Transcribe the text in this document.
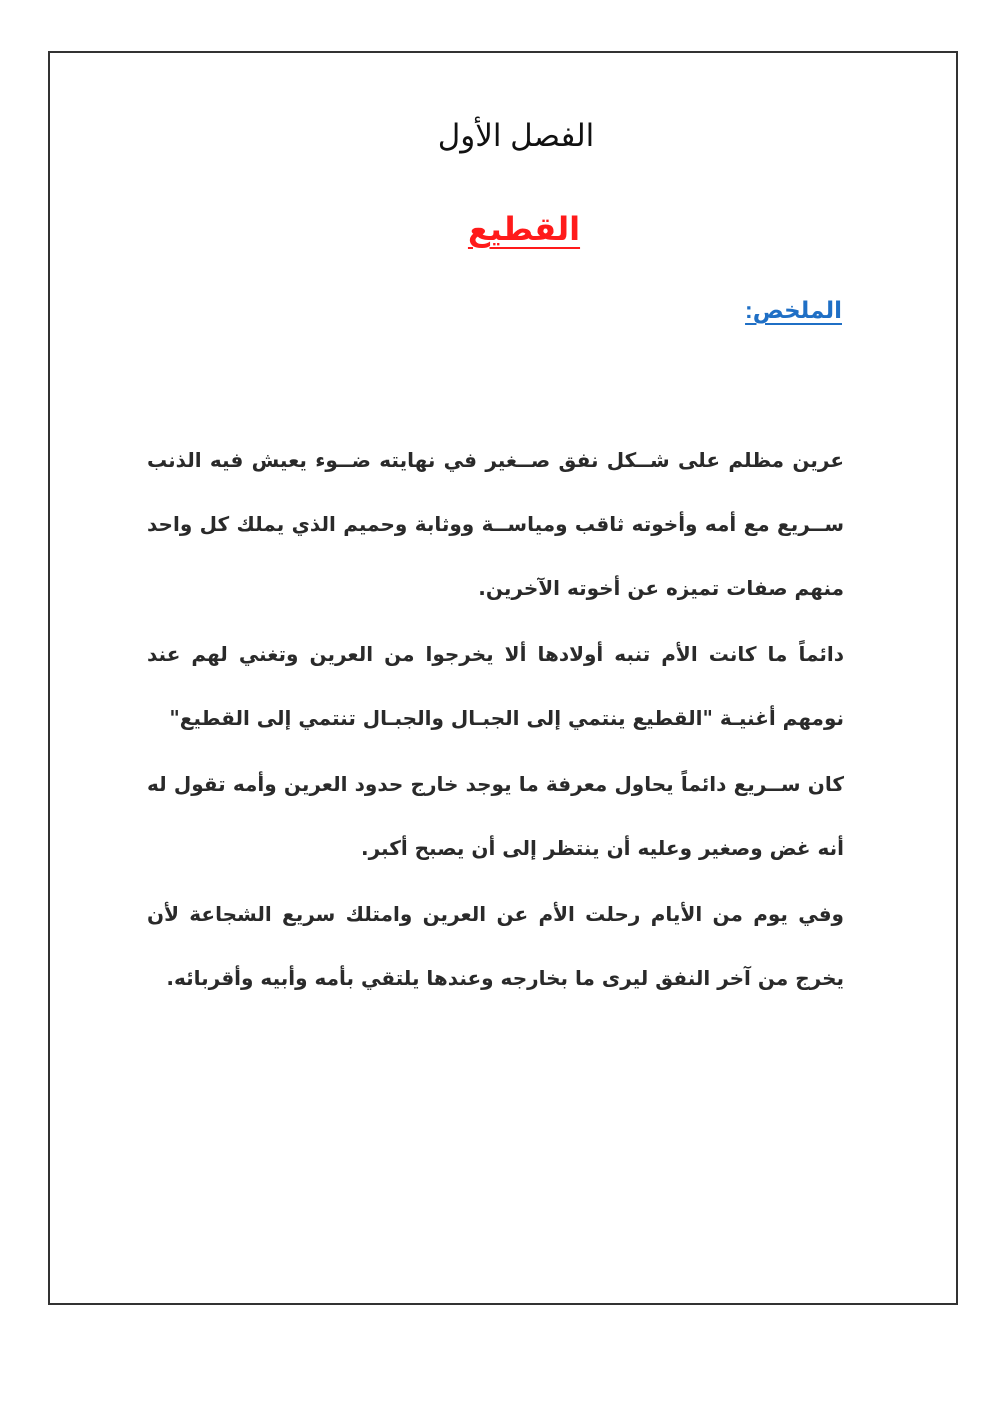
الفصل الأول
القطيع
الملخص:

عرين مظلم على شــكل نفق صــغير في نهايته ضــوء يعيش فيه الذنب ســريع مع أمه وأخوته ثاقب ومياســة ووثابة وحميم الذي يملك كل واحد منهم صفات تميزه عن أخوته الآخرين.

دائماً ما كانت الأم تنبه أولادها ألا يخرجوا من العرين وتغني لهم عند نومهم أغنيـة "القطيع ينتمي إلى الجبـال والجبـال تنتمي إلى القطيع"

كان ســريع دائماً يحاول معرفة ما يوجد خارج حدود العرين وأمه تقول له أنه غض وصغير وعليه أن ينتظر إلى أن يصبح أكبر.

وفي يوم من الأيام رحلت الأم عن العرين وامتلك سريع الشجاعة لأن يخرج من آخر النفق ليرى ما بخارجه وعندها يلتقي بأمه وأبيه وأقربائه.
